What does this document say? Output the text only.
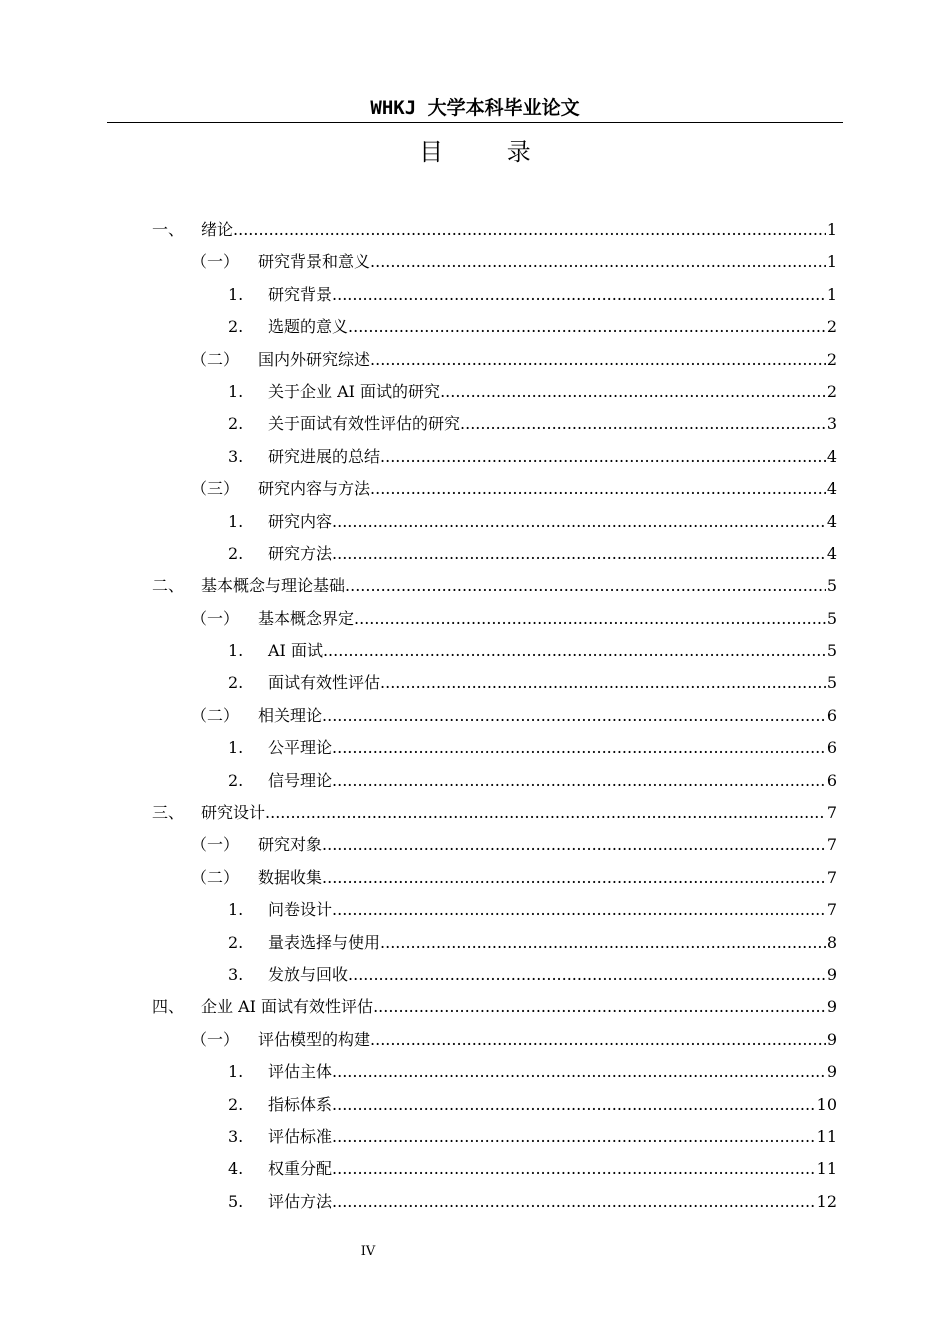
WHKJ 大学本科毕业论文
目 录
一、 绪论 .....	1
（一） 研究背景和意义 .....	1
1. 研究背景 .....	1
2. 选题的意义 .....	2
（二） 国内外研究综述 .....	2
1. 关于企业 AI 面试的研究 .....	2
2. 关于面试有效性评估的研究 .....	3
3. 研究进展的总结 .....	4
（三） 研究内容与方法 .....	4
1. 研究内容 .....	4
2. 研究方法 .....	4
二、 基本概念与理论基础 .....	5
（一） 基本概念界定 .....	5
1. AI 面试 .....	5
2. 面试有效性评估 .....	5
（二） 相关理论 .....	6
1. 公平理论 .....	6
2. 信号理论 .....	6
三、 研究设计 .....	7
（一） 研究对象 .....	7
（二） 数据收集 .....	7
1. 问卷设计 .....	7
2. 量表选择与使用 .....	8
3. 发放与回收 .....	9
四、 企业 AI 面试有效性评估 .....	9
（一） 评估模型的构建 .....	9
1. 评估主体 .....	9
2. 指标体系 .....	10
3. 评估标准 .....	11
4. 权重分配 .....	11
5. 评估方法 .....	12
IV
